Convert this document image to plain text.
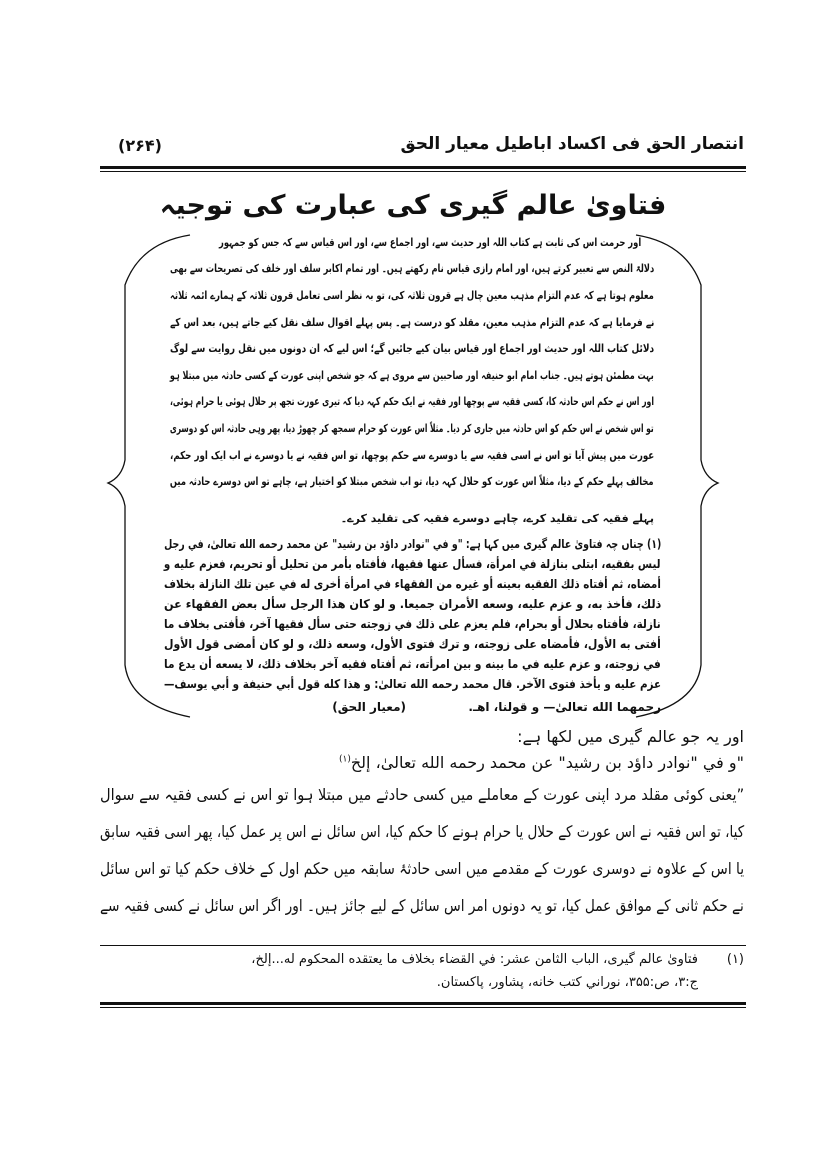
انتصار الحق فی اکساد اباطیل معیار الحق
(۲۶۴)
فتاویٰ عالم گیری کی عبارت کی توجیہ
اور حرمت اس کی ثابت ہے کتاب اللہ اور حدیث سے، اور اجماع سے، اور اس قیاس سے کہ جس کو جمہور
دلالۃ النص سے تعبیر کرتے ہیں، اور امام رازی قیاس نام رکھتے ہیں۔ اور تمام اکابر سلف اور خلف کی تصریحات سے بھی
معلوم ہوتا ہے کہ عدم التزام مذہب معین چال ہے قرون ثلاثہ کی، تو بہ نظر اسی تعامل قرون ثلاثہ کے ہمارے ائمہ ثلاثہ
نے فرمایا ہے کہ عدم التزام مذہب معین، مقلد کو درست ہے۔ پس پہلے اقوال سلف نقل کیے جاتے ہیں، بعد اس کے
دلائل کتاب اللہ اور حدیث اور اجماع اور قیاس بیان کیے جائیں گے؛ اس لیے کہ ان دونوں میں نقل روایت سے لوگ
بہت مطمئن ہوتے ہیں۔ جناب امام ابو حنیفہ اور صاحبین سے مروی ہے کہ جو شخص اپنی عورت کے کسی حادثہ میں مبتلا ہو
اور اس نے حکم اس حادثہ کا، کسی فقیہ سے پوچھا اور فقیہ نے ایک حکم کہہ دیا کہ تیری عورت تجھ پر حلال ہوئی یا حرام ہوئی،
تو اس شخص نے اس حکم کو اس حادثہ میں جاری کر دیا۔ مثلاً اس عورت کو حرام سمجھ کر چھوڑ دیا، پھر وہی حادثہ اس کو دوسری
عورت میں پیش آیا تو اس نے اسی فقیہ سے یا دوسرے سے حکم پوچھا، تو اس فقیہ نے یا دوسرے نے اب ایک اور حکم،
مخالف پہلے حکم کے دیا، مثلاً اس عورت کو حلال کہہ دیا، تو اب شخص مبتلا کو اختیار ہے، چاہے تو اس دوسرے حادثہ میں
(۱) چناں چہ فتاویٰ عالم گیری میں کہا ہے: "و في "نوادر داؤد بن رشيد" عن محمد رحمه الله تعالىٰ، في رجل
ليس بفقيه، ابتلى بنازلة في امرأة، فسأل عنها فقيها، فأفتاه بأمر من تحليل أو تحريم، فعزم عليه و
أمضاه، ثم أفتاه ذلك الفقيه بعينه أو غيره من الفقهاء في امرأة أخرى له في عين تلك النازلة بخلاف
ذلك، فأخذ به، و عزم عليه، وسعه الأمران جميعا. و لو كان هذا الرجل سأل بعض الفقهاء عن
نازلة، فأفتاه بحلال أو بحرام، فلم يعزم على ذلك في زوجته حتى سأل فقيها آخر، فأفتى بخلاف ما
أفتى به الأول، فأمضاه على زوجته، و ترك فتوى الأول، وسعه ذلك، و لو كان أمضى قول الأول
في زوجته، و عزم عليه في ما بينه و بين امرأته، ثم أفتاه فقيه آخر بخلاف ذلك، لا يسعه أن يدع ما
عزم عليه و يأخذ فتوى الآخر. قال محمد رحمه الله تعالىٰ: و هذا كله قول أبي حنيفة و أبي يوسف—
پہلے فقیہ کی تقلید کرے، چاہے دوسرے فقیہ کی تقلید کرے۔
رحمهما الله تعالىٰ— و قولنا، اهـ.
(معیار الحق)
اور یہ جو عالم گیری میں لکھا ہے:
"و في "نوادر داؤد بن رشيد" عن محمد رحمه الله تعالىٰ، إلخ$^{(۱)}$
”یعنی کوئی مقلد مرد اپنی عورت کے معاملے میں کسی حادثے میں مبتلا ہوا تو اس نے کسی فقیہ سے سوال
کیا، تو اس فقیہ نے اس عورت کے حلال یا حرام ہونے کا حکم کیا، اس سائل نے اس پر عمل کیا، پھر اسی فقیہ سابق
یا اس کے علاوہ نے دوسری عورت کے مقدمے میں اسی حادثۂ سابقہ میں حکم اول کے خلاف حکم کیا تو اس سائل
نے حکم ثانی کے موافق عمل کیا، تو یہ دونوں امر اس سائل کے لیے جائز ہیں۔ اور اگر اس سائل نے کسی فقیہ سے
(۱)
فتاویٰ عالم گیری، الباب الثامن عشر: في القضاء بخلاف ما يعتقده المحكوم له...إلخ،
ج:۳، ص:۳۵۵، نوراني كتب خانه، پشاور، پاکستان.
